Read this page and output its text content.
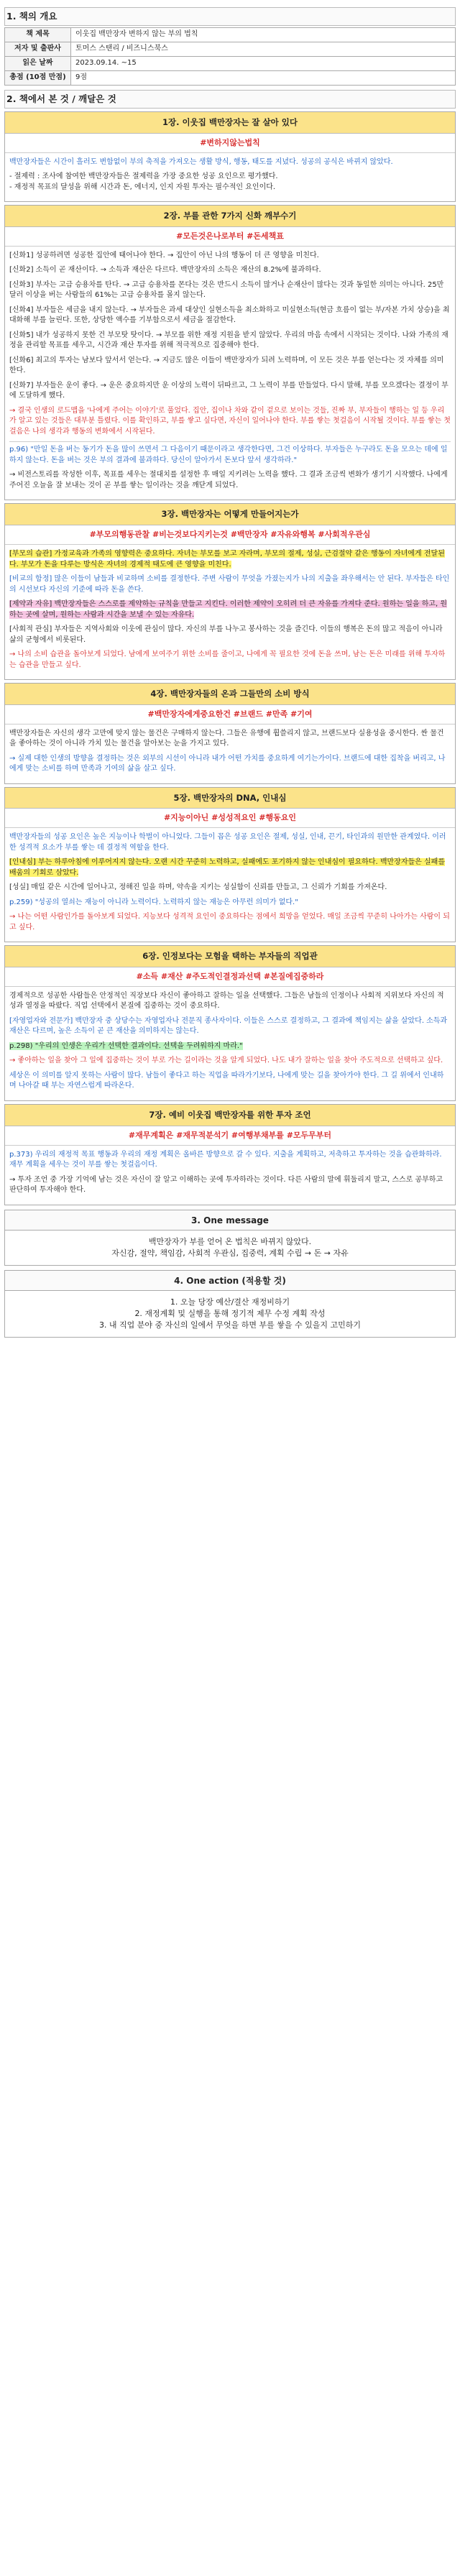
1. 책의 개요
책 제목	이웃집 백만장자 변하지 않는 부의 법칙
저자 및 출판사	토머스 스탠리 / 비즈니스북스
읽은 날짜	2023.09.14. ~15
총점 (10점 만점)	9점
2. 책에서 본 것 / 깨달은 것
1장. 이웃집 백만장자는 잘 살아 있다
#변하지않는법칙
백만장자들은 시간이 흘러도 변함없이 부의 축적을 가져오는 생활 방식, 행동, 태도를 지녔다. 성공의 공식은 바뀌지 않았다.
- 절제력 : 조사에 참여한 백만장자들은 절제력을 가장 중요한 성공 요인으로 평가했다.
- 재정적 목표의 달성을 위해 시간과 돈, 에너지, 인지 자원 투자는 필수적인 요인이다.
2장. 부를 관한 7가지 신화 깨부수기
#모든것은나로부터 #돈세책표
[신화1] 성공하려면 성공한 집안에 태어나야 한다. → 집안이 아닌 나의 행동이 더 큰 영향을 미친다.
[신화2] 소득이 곧 재산이다. → 소득과 재산은 다르다. 백만장자의 소득은 재산의 8.2%에 불과하다.
[신화3] 부자는 고급 승용차를 탄다. → 고급 승용차를 몬다는 것은 반드시 소득이 많거나 순재산이 많다는 것과 동일한 의미는 아니다. 25만 달러 이상을 버는 사람들의 61%는 고급 승용차를 몰지 않는다.
[신화4] 부자들은 세금을 내지 않는다. → 부자들은 과세 대상인 실현소득을 최소화하고 미실현소득(현금 흐름이 없는 부/자본 가치 상승)을 최대화해 부를 늘린다. 또한, 상당한 액수를 기부함으로서 세금을 절감한다.
[신화5] 내가 성공하지 못한 건 부모탓 탓이다. → 부모를 위한 재정 지원을 받지 않았다. 우리의 마음 속에서 시작되는 것이다. 나와 가족의 재정을 관리할 목표를 세우고, 시간과 재산 투자를 위해 적극적으로 집중해야 한다.
[신화6] 최고의 투자는 남보다 앞서서 얻는다. → 지금도 많은 이들이 백만장자가 되려 노력하며, 이 모든 것은 부를 얻는다는 것 자체를 의미한다.
[신화7] 부자들은 운이 좋다. → 운은 중요하지만 운 이상의 노력이 뒤따르고, 그 노력이 부를 만들었다. 다시 말해, 부를 모으겠다는 결정이 부에 도달하게 했다.
→ 결국 인생의 로드맵을 '나에게 주어는 이야기'로 풀었다. 집안, 집이나 차와 같이 겉으로 보이는 것들, 진짜 부, 부자들이 행하는 일 등 우리가 알고 있는 것들은 대부분 틀렸다. 이를 확인하고, 부를 쌓고 싶다면, 자신이 일어나야 한다. 부를 쌓는 첫걸음이 시작될 것이다. 부를 쌓는 첫걸음은 나의 생각과 행동의 변화에서 시작된다.
p.96) "만일 돈을 버는 동기가 돈을 많이 쓰면서 그 다음이기 때문이라고 생각한다면, 그건 이상하다. 부자들은 누구라도 돈을 모으는 데에 일하지 않는다. 돈을 버는 것은 부의 결과에 불과하다. 당신이 알아가서 돈보다 앞서 생각하라."
→ 비전스토리를 작성한 이후, 목표를 세우는 절대치를 설정한 후 매일 지키려는 노력을 했다. 그 결과 조금씩 변화가 생기기 시작했다. 나에게 주어진 오늘을 잘 보내는 것이 곧 부를 쌓는 일이라는 것을 깨닫게 되었다.
3장. 백만장자는 어떻게 만들어지는가
#부모의행동관찰 #비는것보다지키는것 #백만장자 #자유와행복 #사회적우관심
[부모의 습관] 가정교육과 가족의 영향력은 중요하다. 자녀는 부모를 보고 자라며, 부모의 절제, 성실, 근검절약 같은 행동이 자녀에게 전달된다. 부모가 돈을 다루는 방식은 자녀의 경제적 태도에 큰 영향을 미친다.
[비교의 함정] 많은 이들이 남들과 비교하며 소비를 결정한다. 주변 사람이 무엇을 가졌는지가 나의 지출을 좌우해서는 안 된다. 부자들은 타인의 시선보다 자신의 기준에 따라 돈을 쓴다.
[제약과 자유] 백만장자들은 스스로를 제약하는 규칙을 만들고 지킨다. 이러한 제약이 오히려 더 큰 자유를 가져다 준다. 원하는 일을 하고, 원하는 곳에 살며, 원하는 사람과 시간을 보낼 수 있는 자유다.
[사회적 관심] 부자들은 지역사회와 이웃에 관심이 많다. 자신의 부를 나누고 봉사하는 것을 즐긴다. 이들의 행복은 돈의 많고 적음이 아니라 삶의 균형에서 비롯된다.
→ 나의 소비 습관을 돌아보게 되었다. 남에게 보여주기 위한 소비를 줄이고, 나에게 꼭 필요한 것에 돈을 쓰며, 남는 돈은 미래를 위해 투자하는 습관을 만들고 싶다.
4장. 백만장자들의 온과 그들만의 소비 방식
#백만장자에게중요한건 #브랜드 #만족 #기여
백만장자들은 자신의 생각 고만에 맞지 않는 물건은 구매하지 않는다. 그들은 유행에 휩쓸리지 않고, 브랜드보다 실용성을 중시한다. 싼 물건을 좋아하는 것이 아니라 가치 있는 물건을 알아보는 눈을 가지고 있다.
→ 실제 대한 인생의 방향을 결정하는 것은 외부의 시선이 아니라 내가 어떤 가치를 중요하게 여기는가이다. 브랜드에 대한 집착을 버리고, 나에게 맞는 소비를 하며 만족과 기여의 삶을 살고 싶다.
5장. 백만장자의 DNA, 인내심
#지능이아닌 #성성적요인 #행동요인
백만장자들의 성공 요인은 높은 지능이나 학벌이 아니었다. 그들이 꼽은 성공 요인은 절제, 성실, 인내, 끈기, 타인과의 원만한 관계였다. 이러한 성격적 요소가 부를 쌓는 데 결정적 역할을 한다.
[인내심] 부는 하루아침에 이루어지지 않는다. 오랜 시간 꾸준히 노력하고, 실패에도 포기하지 않는 인내심이 필요하다. 백만장자들은 실패를 배움의 기회로 삼았다.
[성실] 매일 같은 시간에 일어나고, 정해진 일을 하며, 약속을 지키는 성실함이 신뢰를 만들고, 그 신뢰가 기회를 가져온다.
p.259) "성공의 열쇠는 재능이 아니라 노력이다. 노력하지 않는 재능은 아무런 의미가 없다."
→ 나는 어떤 사람인가를 돌아보게 되었다. 지능보다 성격적 요인이 중요하다는 점에서 희망을 얻었다. 매일 조금씩 꾸준히 나아가는 사람이 되고 싶다.
6장. 인정보다는 모험을 택하는 부자들의 직업관
#소득 #재산 #주도적인결정과선택 #본질에집중하라
경제적으로 성공한 사람들은 안정적인 직장보다 자신이 좋아하고 잘하는 일을 선택했다. 그들은 남들의 인정이나 사회적 지위보다 자신의 적성과 열정을 따랐다. 직업 선택에서 본질에 집중하는 것이 중요하다.
[자영업자와 전문가] 백만장자 중 상당수는 자영업자나 전문직 종사자이다. 이들은 스스로 결정하고, 그 결과에 책임지는 삶을 살았다. 소득과 재산은 다르며, 높은 소득이 곧 큰 재산을 의미하지는 않는다.
p.298) "우리의 인생은 우리가 선택한 결과이다. 선택을 두려워하지 마라."
→ 좋아하는 일을 찾아 그 일에 집중하는 것이 부로 가는 길이라는 것을 알게 되었다. 나도 내가 잘하는 일을 찾아 주도적으로 선택하고 싶다.
세상은 이 의미를 알지 못하는 사람이 많다. 남들이 좋다고 하는 직업을 따라가기보다, 나에게 맞는 길을 찾아가야 한다. 그 길 위에서 인내하며 나아갈 때 부는 자연스럽게 따라온다.
7장. 예비 이웃집 백만장자를 위한 투자 조언
#재무계획은 #재무적분석기 #여행부채부를 #모두무부터
p.373) 우리의 재정적 목표 행동과 우리의 재정 계획은 올바른 방향으로 갈 수 있다. 지출을 계획하고, 저축하고 투자하는 것을 습관화하라. 재무 계획을 세우는 것이 부를 쌓는 첫걸음이다.
→ 투자 조언 중 가장 기억에 남는 것은 자신이 잘 알고 이해하는 곳에 투자하라는 것이다. 다른 사람의 말에 휘둘리지 말고, 스스로 공부하고 판단하여 투자해야 한다.
3. One message
백만장자가 부를 얻어 온 법칙은 바뀌지 않았다.
자신감, 절약, 책임감, 사회적 우관심, 집중력, 계획 수립 → 돈 → 자유
4. One action (적용할 것)
1. 오늘 당장 예산/결산 재정비하기
2. 재정계획 및 실행을 통해 정기적 제무 수정 계획 작성
3. 내 직업 분야 중 자신의 일에서 무엇을 하면 부를 쌓을 수 있을지 고민하기
